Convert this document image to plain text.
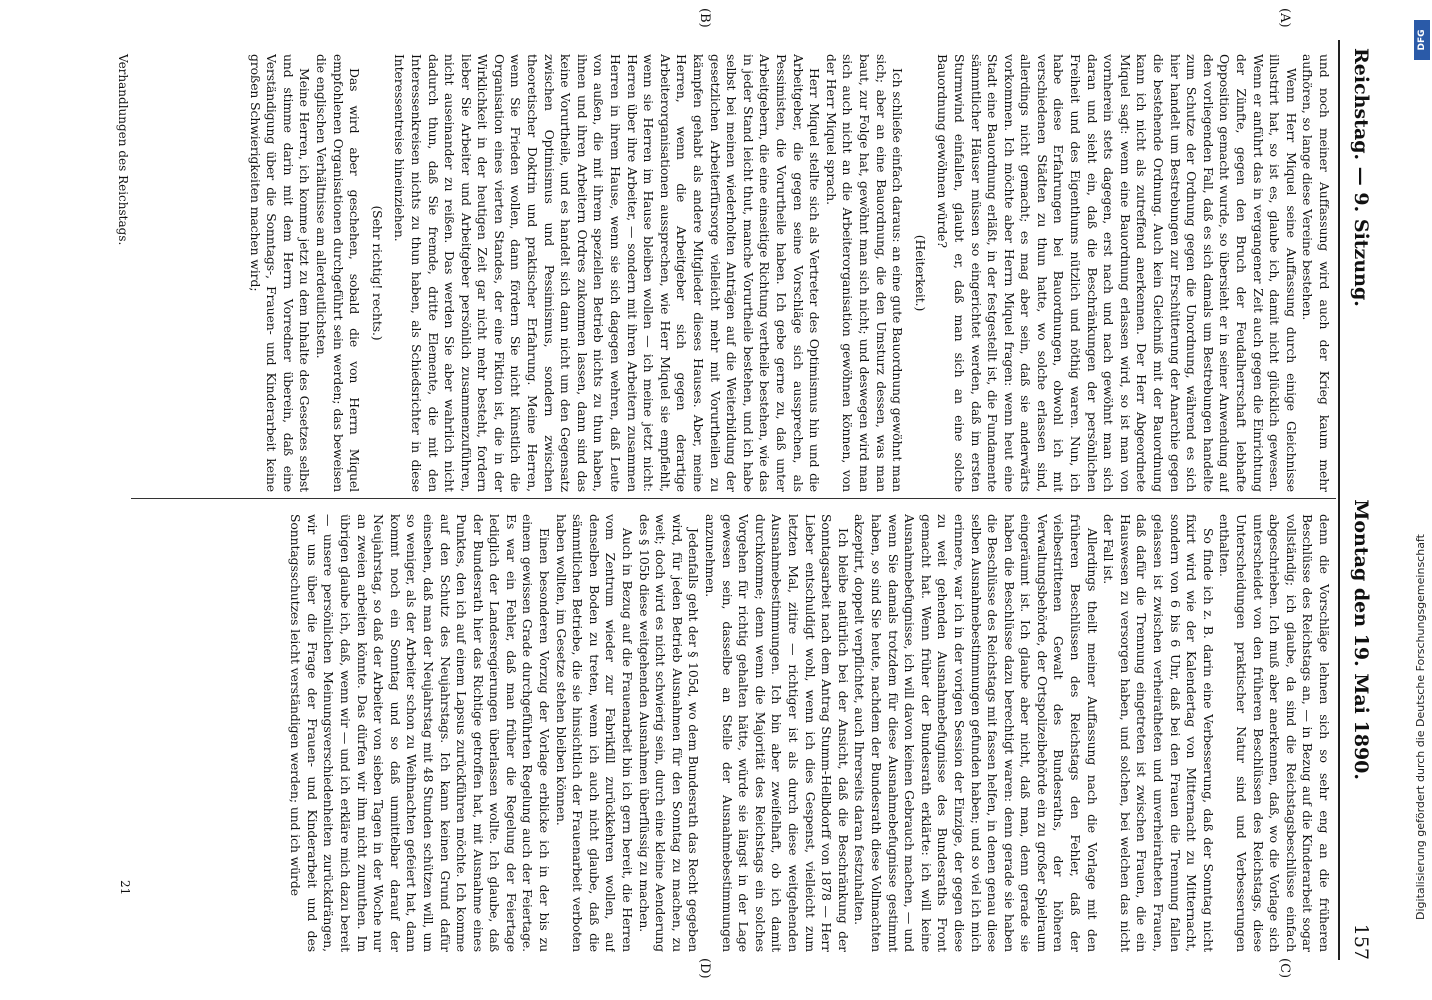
Reichstag. — 9. Sitzung.
Montag den 19. Mai 1890.
157
(A)
(B)
(C)
(D)

und noch meiner Auffassung wird auch der Krieg kaum mehr aufhören, so lange diese Vereine bestehen.

Wenn Herr Miquel seine Auffassung durch einige Gleichnisse illustrirt hat, so ist es, glaube ich, damit nicht glücklich gewesen. Wenn er anführt das in vergangener Zeit auch gegen die Einrichtung der Zünfte, gegen den Bruch der Feudalherrschaft lebhafte Opposition gemacht wurde, so übersieht er in seiner Anwendung auf den vorliegenden Fall, daß es sich damals um Bestrebungen handelte zum Schutze der Ordnung gegen die Unordnung, während es sich hier handelt um Bestrebungen zur Erschütterung der Anarchie gegen die bestehende Ordnung. Auch kein Gleichniß mit der Bauordnung kann ich nicht als zutreffend anerkennen. Der Herr Abgeordnete Miquel sagt: wenn eine Bauordnung erlassen wird, so ist man von vornherein stets dagegen, erst nach und nach gewöhnt man sich daran und sieht ein, daß die Beschränkungen der persönlichen Freiheit und des Eigenthums nützlich und nöthig waren. Nun, ich habe diese Erfahrungen bei Bauordnungen, obwohl ich mit verschiedenen Städten zu thun hatte, wo solche erlassen sind, allerdings nicht gemacht; es mag aber sein, daß sie anderwärts vorkommen. Ich möchte aber Herrn Miquel fragen: wenn heut eine Stadt eine Bauordnung erläßt, in der festgestellt ist, die Fundamente sämmtlicher Häuser müssen so eingerichtet werden, daß im ersten Sturmwind einfallen, glaubt er, daß man sich an eine solche Bauordnung gewöhnen würde?

(Heiterkeit.)

Ich schließe einfach daraus: an eine gute Bauordnung gewöhnt man sich; aber an eine Bauordnung, die den Umsturz dessen, was man baut, zur Folge hat, gewöhnt man sich nicht; und deswegen wird man sich auch nicht an die Arbeiterorganisation gewöhnen können, von der Herr Miquel sprach.

Herr Miquel stellte sich als Vertreter des Optimismus hin und die Arbeitgeber, die gegen seine Vorschläge sich aussprechen, als Pessimisten, die Vorurtheile haben. Ich gebe gerne zu, daß unter Arbeitgebern, die eine einseitige Richtung vertheile bestehen, wie das in jeder Stand leicht thut, manche Vorurtheile bestehen, und ich habe selbst bei meinen wiederholten Anträgen auf die Weiterbildung der gesetzlichen Arbeiterfürsorge vielleicht mehr mit Vorurtheilen zu kämpfen gehabt als andere Mitglieder dieses Hauses. Aber, meine Herren, wenn die Arbeitgeber sich gegen derartige Arbeiterorganisationen aussprechen, wie Herr Miquel sie empfiehlt, wenn sie Herren im Hause bleiben wollen — ich meine jetzt nicht: Herren über ihre Arbeiter, — sondern mit ihren Arbeitern zusammen Herren in ihrem Hause, wenn sie sich dagegen wehren, daß Leute von außen, die mit ihrem speziellen Betrieb nichts zu thun haben, ihnen und ihren Arbeitern Ordres zukommen lassen, dann sind das keine Vorurtheile, und es handelt sich dann nicht um den Gegensatz zwischen Optimismus und Pessimismus, sondern zwischen theoretischer Doktrin und praktischer Erfahrung. Meine Herren, wenn Sie Frieden wollen, dann fördern Sie nicht künstlich die Organisation eines vierten Standes, der eine Fiktion ist, die in der Wirklichkeit in der heutigen Zeit gar nicht mehr besteht, fordern lieber Sie Arbeiter und Arbeitgeber persönlich zusammenzuführen, nicht auseinander zu reißen. Das werden Sie aber wahrlich nicht dadurch thun, daß Sie fremde, dritte Elemente, die mit den Interessenkreisen nichts zu thun haben, als Schiedsrichter in diese Interessentreise hineinziehen.

(Sehr richtig! rechts.)

Das wird aber geschehen, sobald die von Herrn Miquel empfohlenen Organisationen durchgeführt sein werden; das beweisen die englischen Verhältnisse am allerdeutlichsten.

Meine Herren, ich komme jetzt zu dem Inhalte des Gesetzes selbst und stimme darin mit dem Herrn Vorredner überein, daß eine Verständigung über die Sonntags-, Frauen- und Kinderarbeit keine großen Schwierigkeiten machen wird;

denn die Vorschläge lehnen sich so sehr eng an die früheren Beschlüsse des Reichstags an, — in Bezug auf die Kinderarbeit sogar vollständig; ich glaube, da sind die Reichstagsbeschlüsse einfach abgeschrieben. Ich muß aber anerkennen, daß, wo die Vorlage sich unterscheidet von den früheren Beschlüssen des Reichstags, diese Unterscheidungen praktischer Natur sind und Verbesserungen enthalten.

So finde ich z. B. darin eine Verbesserung, daß der Sonntag nicht fixirt wird wie der Kalendertag von Mitternacht zu Mitternacht, sondern von 6 bis 6 Uhr, daß bei den Frauen die Trennung fallen gelassen ist zwischen verheiratheten und unverheiratheten Frauen, daß dafür die Trennung eingetreten ist zwischen Frauen, die ein Hauswesen zu versorgen haben, und solchen, bei welchen das nicht der Fall ist.

Allerdings theilt meiner Auffassung nach die Vorlage mit den früheren Beschlüssen des Reichstags den Fehler, daß der vielbestrittenen Gewalt des Bundesraths, der höheren Verwaltungsbehörde, der Ortspolizeibehörde ein zu großer Spielraum eingeräumt ist. Ich glaube aber nicht, daß man, denn gerade sie haben die Beschlüsse dazu berechtigt waren: denn gerade sie haben die Beschlüsse des Reichstags mit fassen helfen, in denen genau diese selben Ausnahmebestimmungen gefunden haben; und so viel ich mich erinnere, war ich in der vorigen Session der Einzige, der gegen diese zu weit gehenden Ausnahmebefugnisse des Bundesraths Front gemacht hat. Wenn früher der Bundesrath erklärte: ich will keine Ausnahmebefugnisse, ich will davon keinen Gebrauch machen, — und wenn Sie damals trotzdem für diese Ausnahmebefugnisse gestimmt haben, so sind Sie heute, nachdem der Bundesrath diese Vollmachten akzeptirt, doppelt verpflichtet, auch Ihrerseits daran festzuhalten.

Ich bleibe natürlich bei der Ansicht, daß die Beschränkung der Sonntagsarbeit nach dem Antrag Stumm-Hellbdorff von 1878 — Herr Lieber entschuldigt wohl, wenn ich dies Gespenst, vielleicht zum letzten Mal, zitire — richtiger ist als durch diese weitgehenden Ausnahmebestimmungen. Ich bin aber zweifelhaft, ob ich damit durchkomme; denn wenn die Majorität des Reichstags ein solches Vorgehen für richtig gehalten hätte, würde sie längst in der Lage gewesen sein, dasselbe an Stelle der Ausnahmebestimmungen anzunehmen.

Jedenfalls geht der § 105d, wo dem Bundesrath das Recht gegeben wird, für jeden Betrieb Ausnahmen für den Sonntag zu machen, zu weit; doch wird es nicht schwierig sein, durch eine kleine Aenderung des § 105b diese weitgehenden Ausnahmen überflüssig zu machen.

Auch in Bezug auf die Frauenarbeit bin ich gern bereit, die Herren vom Zentrum wieder zur Fabrikfill zurückkehren wollen, auf denselben Boden zu treten, wenn ich auch nicht glaube, daß die sämmtlichen Betriebe, die sie hinsichtlich der Frauenarbeit verboten haben wollten, im Gesetze stehen bleiben können.

Einen besonderen Vorzug der Vorlage erblicke ich in der bis zu einem gewissen Grade durchgeführten Regelung auch der Feiertage. Es war ein Fehler, daß man früher die Regelung der Feiertage lediglich der Landesregierungen überlassen wollte. Ich glaube, daß der Bundesrath hier das Richtige getroffen hat, mit Ausnahme eines Punktes, den ich auf einem Lapsus zurückführen möchte. Ich komme auf den Schutz des Neujahrstags. Ich kann keinen Grund dafür einsehen, daß man der Neujahrstag mit 48 Stunden schützen will, um so weniger, als der Arbeiter schon zu Weihnachten gefeiert hat, dann kommt noch ein Sonntag und so daß unmittelbar darauf der Neujahrstag, so daß der Arbeiter von sieben Tagen in der Woche nur an zweien arbeiten könnte. Das dürfen wir ihm nicht zumuthen. Im übrigen glaube ich, daß, wenn wir — und ich erkläre mich dazu bereit — unsere persönlichen Meinungsverschiedenheiten zurückdrängen, wir uns über die Frage der Frauen- und Kinderarbeit und des Sonntagsschutzes leicht verständigen werden; und ich würde

Verhandlungen des Reichstags.
21
DFG
Digitalisierung gefördert durch die Deutsche Forschungsgemeinschaft
